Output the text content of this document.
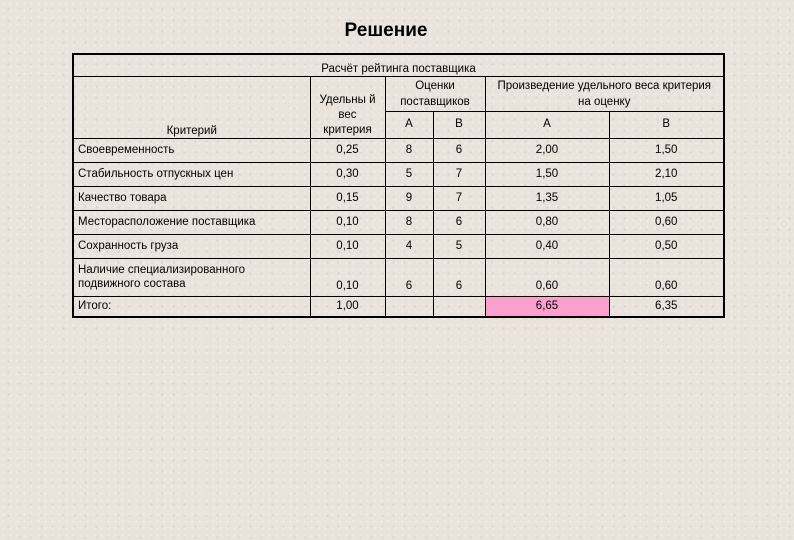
Решение
Расчёт рейтинга поставщика					
Критерий	Удельны й вес критерия	Оценки поставщиков		Произведение удельного веса критерия на оценку	
		А	В	А	В
Своевременность	0,25	8	6	2,00	1,50
Стабильность отпускных цен	0,30	5	7	1,50	2,10
Качество товара	0,15	9	7	1,35	1,05
Месторасположение поставщика	0,10	8	6	0,80	0,60
Сохранность груза	0,10	4	5	0,40	0,50
Наличие специализированного подвижного состава	0,10	6	6	0,60	0,60
Итого:	1,00			6,65	6,35
